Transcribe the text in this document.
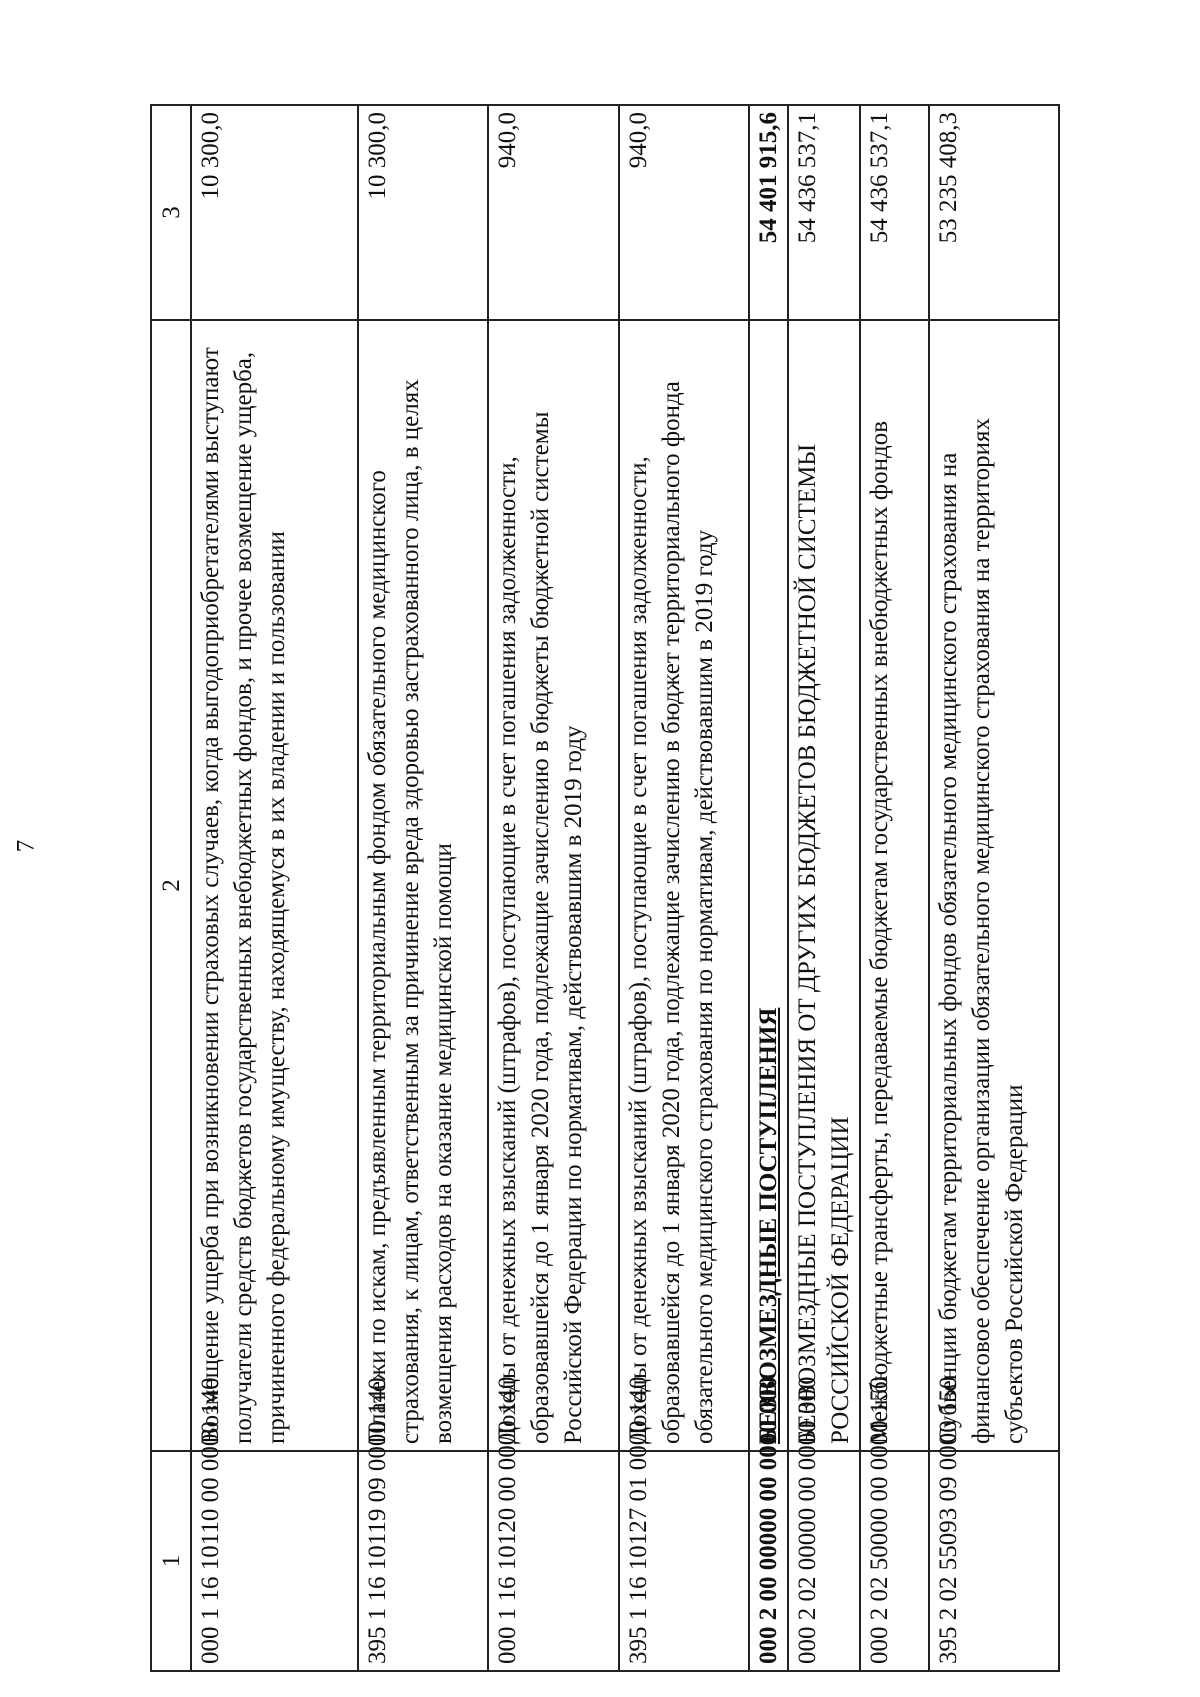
7
1	2	3
000 1 16 10110 00 0000 140	Возмещение ущерба при возникновении страховых случаев, когда выгодоприобретателями выступают получатели средств бюджетов государственных внебюджетных фондов, и прочее возмещение ущерба, причиненного федеральному имуществу, находящемуся в их владении и пользовании	10 300,0
395 1 16 10119 09 0000 140	Платежи по искам, предъявленным территориальным фондом обязательного медицинского страхования, к лицам, ответственным за причинение вреда здоровью застрахованного лица, в целях возмещения расходов на оказание медицинской помощи	10 300,0
000 1 16 10120 00 0000 140	Доходы от денежных взысканий (штрафов), поступающие в счет погашения задолженности, образовавшейся до 1 января 2020 года, подлежащие зачислению в бюджеты бюджетной системы Российской Федерации по нормативам, действовавшим в 2019 году	940,0
395 1 16 10127 01 0000 140	Доходы от денежных взысканий (штрафов), поступающие в счет погашения задолженности, образовавшейся до 1 января 2020 года, подлежащие зачислению в бюджет территориального фонда обязательного медицинского страхования по нормативам, действовавшим в 2019 году	940,0
000 2 00 00000 00 0000 000	БЕЗВОЗМЕЗДНЫЕ ПОСТУПЛЕНИЯ	54 401 915,6
000 2 02 00000 00 0000 000	БЕЗВОЗМЕЗДНЫЕ ПОСТУПЛЕНИЯ ОТ ДРУГИХ БЮДЖЕТОВ БЮДЖЕТНОЙ СИСТЕМЫ РОССИЙСКОЙ ФЕДЕРАЦИИ	54 436 537,1
000 2 02 50000 00 0000 150	Межбюджетные трансферты, передаваемые бюджетам государственных внебюджетных фондов	54 436 537,1
395 2 02 55093 09 0000 150	Субвенции бюджетам территориальных фондов обязательного медицинского страхования на финансовое обеспечение организации обязательного медицинского страхования на территориях субъектов Российской Федерации	53 235 408,3
